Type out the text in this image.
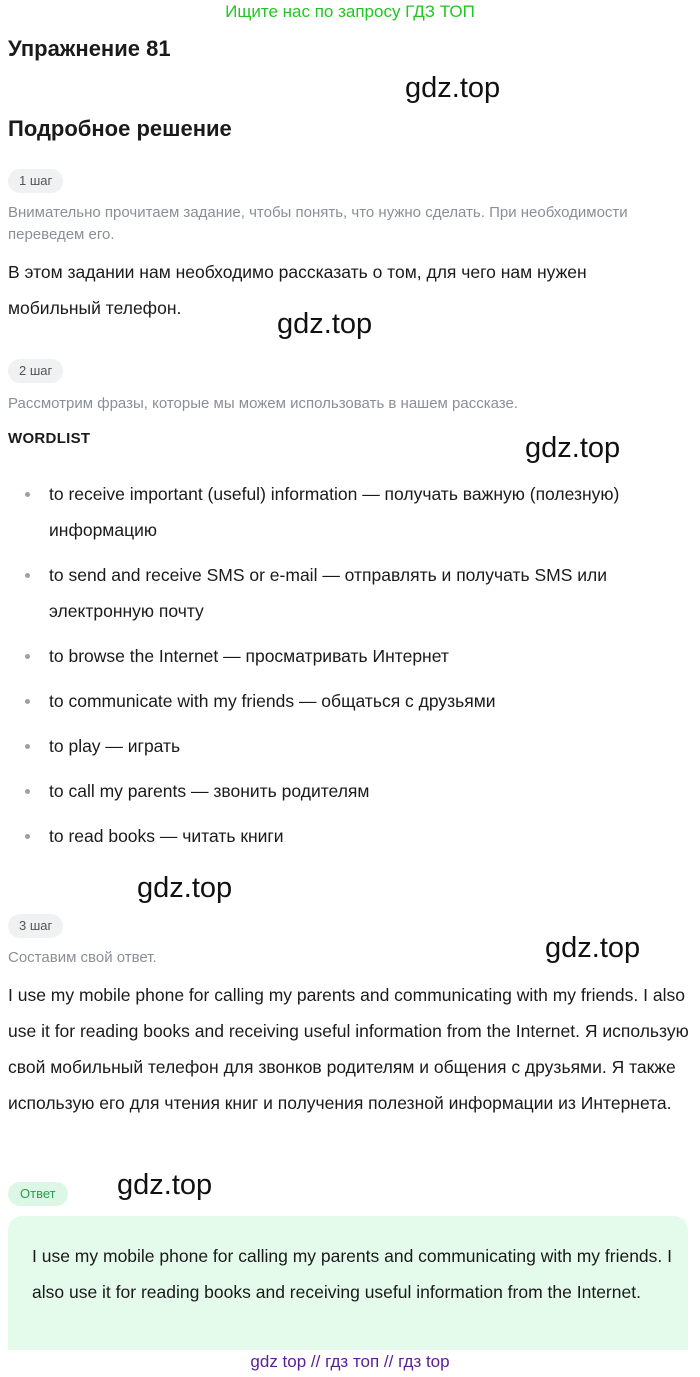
Ищите нас по запросу ГДЗ ТОП
Упражнение 81
gdz.top
Подробное решение
1 шаг
Внимательно прочитаем задание, чтобы понять, что нужно сделать. При необходимости переведем его.
В этом задании нам необходимо рассказать о том, для чего нам нужен мобильный телефон.	gdz.top
2 шаг
Рассмотрим фразы, которые мы можем использовать в нашем рассказе.
WORDLIST	gdz.top
to receive important (useful) information — получать важную (полезную) информацию
to send and receive SMS or e-mail — отправлять и получать SMS или электронную почту
to browse the Internet — просматривать Интернет
to communicate with my friends — общаться с друзьями
to play — играть
to call my parents — звонить родителям
to read books — читать книги
gdz.top
3 шаг
Составим свой ответ.	gdz.top
I use my mobile phone for calling my parents and communicating with my friends. I also use it for reading books and receiving useful information from the Internet. Я использую свой мобильный телефон для звонков родителям и общения с друзьями. Я также использую его для чтения книг и получения полезной информации из Интернета.
Ответ	gdz.top
I use my mobile phone for calling my parents and communicating with my friends. I also use it for reading books and receiving useful information from the Internet.
gdz top // гдз топ // гдз top
